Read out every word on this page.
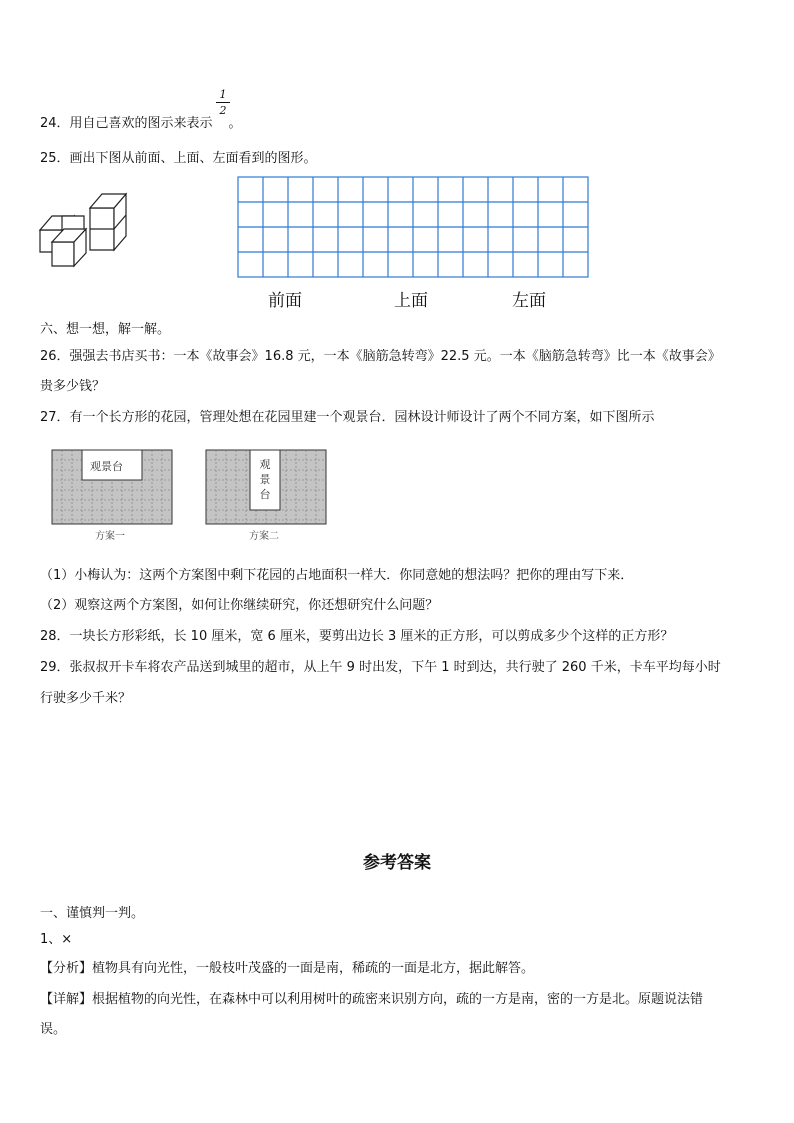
24．用自己喜欢的图示来表示 。
1
2
25．画出下图从前面、上面、左面看到的图形。
前面	上面	左面
六、想一想，解一解。
26．强强去书店买书：一本《故事会》16.8 元，一本《脑筋急转弯》22.5 元。一本《脑筋急转弯》比一本《故事会》
贵多少钱？
27．有一个长方形的花园，管理处想在花园里建一个观景台．园林设计师设计了两个不同方案，如下图所示
观景台	观景台
方案一	方案二
（1）小梅认为：这两个方案图中剩下花园的占地面积一样大．你同意她的想法吗？把你的理由写下来．
（2）观察这两个方案图，如何让你继续研究，你还想研究什么问题？
28．一块长方形彩纸，长 10 厘米，宽 6 厘米，要剪出边长 3 厘米的正方形，可以剪成多少个这样的正方形？
29．张叔叔开卡车将农产品送到城里的超市，从上午 9 时出发，下午 1 时到达，共行驶了 260 千米，卡车平均每小时
行驶多少千米？
参考答案
一、谨慎判一判。
1、×
【分析】植物具有向光性，一般枝叶茂盛的一面是南，稀疏的一面是北方，据此解答。
【详解】根据植物的向光性，在森林中可以利用树叶的疏密来识别方向，疏的一方是南，密的一方是北。原题说法错
误。
